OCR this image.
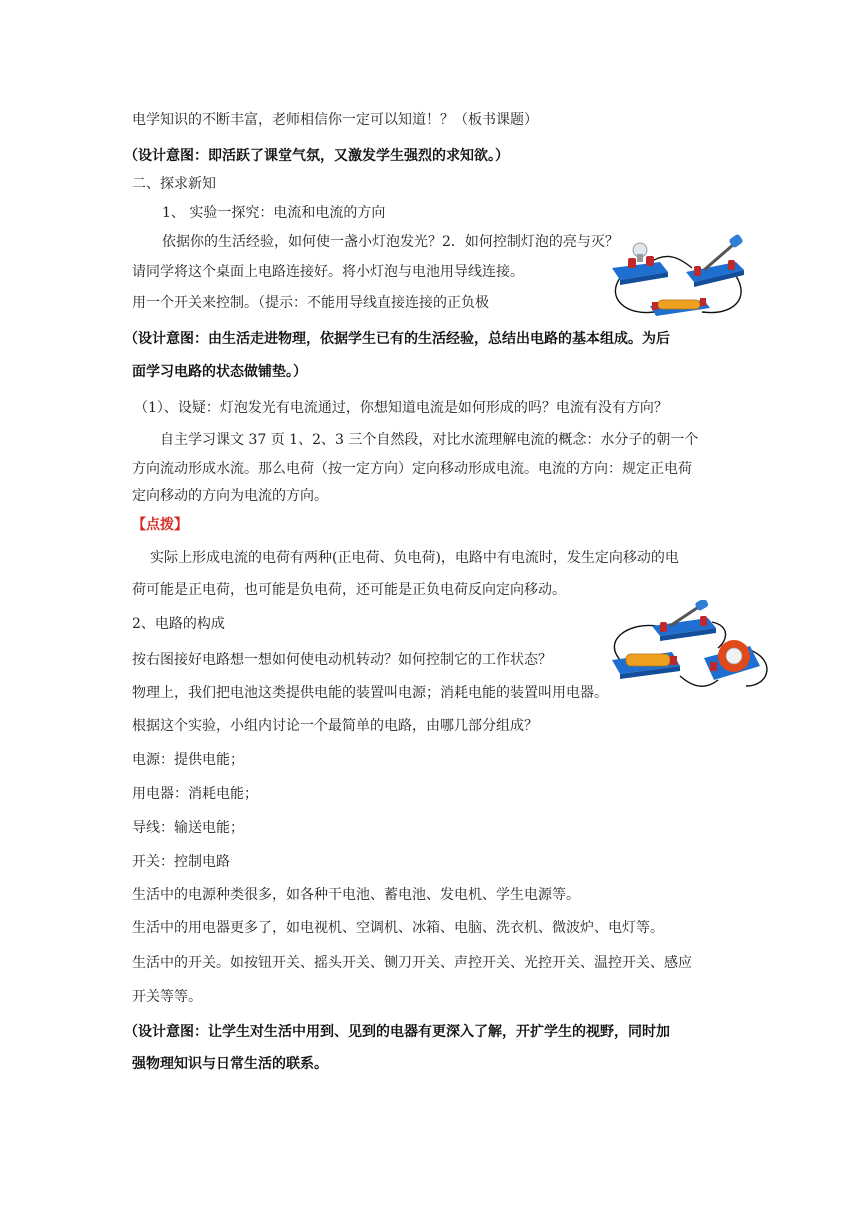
电学知识的不断丰富，老师相信你一定可以知道！？（板书课题）
（设计意图：即活跃了课堂气氛，又激发学生强烈的求知欲。）
二、探求新知
1、 实验一探究：电流和电流的方向
依据你的生活经验，如何使一盏小灯泡发光？2．如何控制灯泡的亮与灭？
请同学将这个桌面上电路连接好。将小灯泡与电池用导线连接。
用一个开关来控制。（提示：不能用导线直接连接的正负极
（设计意图：由生活走进物理，依据学生已有的生活经验，总结出电路的基本组成。为后
面学习电路的状态做铺垫。）
（1）、设疑：灯泡发光有电流通过，你想知道电流是如何形成的吗？电流有没有方向？
自主学习课文 37 页 1、2、3 三个自然段，对比水流理解电流的概念：水分子的朝一个
方向流动形成水流。那么电荷（按一定方向）定向移动形成电流。电流的方向：规定正电荷
定向移动的方向为电流的方向。
【点拨】
实际上形成电流的电荷有两种(正电荷、负电荷)，电路中有电流时，发生定向移动的电
荷可能是正电荷，也可能是负电荷，还可能是正负电荷反向定向移动。
2、电路的构成
按右图接好电路想一想如何使电动机转动？如何控制它的工作状态？
物理上，我们把电池这类提供电能的装置叫电源；消耗电能的装置叫用电器。
根据这个实验，小组内讨论一个最简单的电路，由哪几部分组成？
电源：提供电能；
用电器：消耗电能；
导线：输送电能；
开关：控制电路
生活中的电源种类很多，如各种干电池、蓄电池、发电机、学生电源等。
生活中的用电器更多了，如电视机、空调机、冰箱、电脑、洗衣机、微波炉、电灯等。
生活中的开关。如按钮开关、摇头开关、铡刀开关、声控开关、光控开关、温控开关、感应
开关等等。
（设计意图：让学生对生活中用到、见到的电器有更深入了解，开扩学生的视野，同时加
强物理知识与日常生活的联系。
